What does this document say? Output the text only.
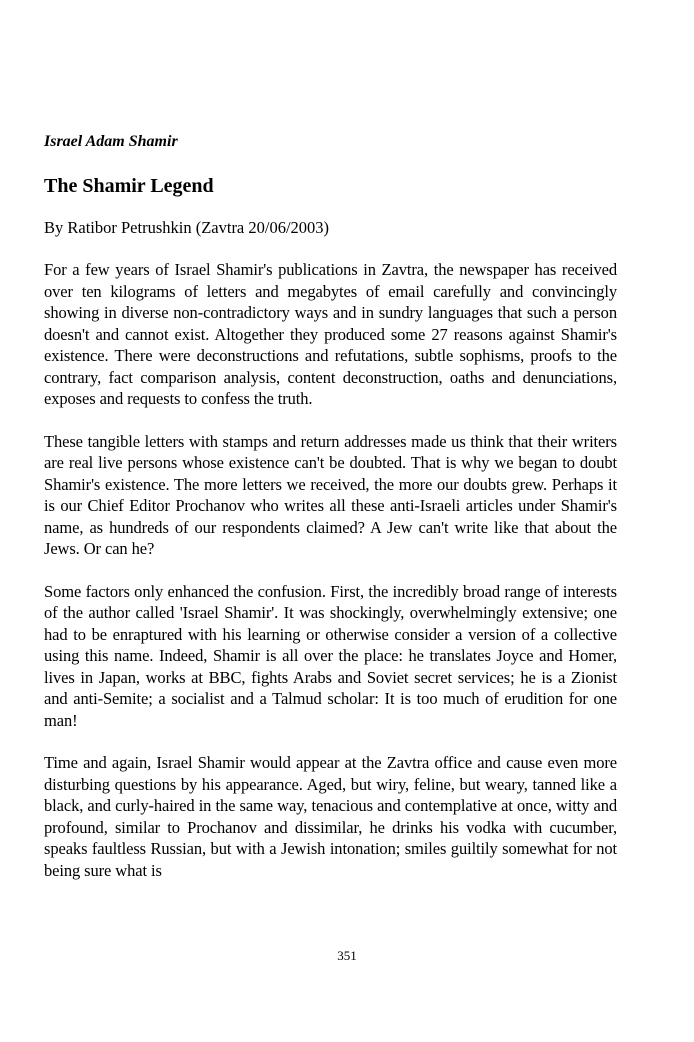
Israel Adam Shamir
The Shamir Legend
By Ratibor Petrushkin (Zavtra 20/06/2003)

For a few years of Israel Shamir's publications in Zavtra, the newspaper has received over ten kilograms of letters and megabytes of email carefully and convincingly showing in diverse non-contradictory ways and in sundry languages that such a person doesn't and cannot exist. Altogether they produced some 27 reasons against Shamir's existence. There were deconstructions and refutations, subtle sophisms, proofs to the contrary, fact comparison analysis, content deconstruction, oaths and denunciations, exposes and requests to confess the truth.

These tangible letters with stamps and return addresses made us think that their writers are real live persons whose existence can't be doubted. That is why we began to doubt Shamir's existence. The more letters we received, the more our doubts grew. Perhaps it is our Chief Editor Prochanov who writes all these anti-Israeli articles under Shamir's name, as hundreds of our respondents claimed? A Jew can't write like that about the Jews. Or can he?

Some factors only enhanced the confusion. First, the incredibly broad range of interests of the author called 'Israel Shamir'. It was shockingly, overwhelmingly extensive; one had to be enraptured with his learning or otherwise consider a version of a collective using this name. Indeed, Shamir is all over the place: he translates Joyce and Homer, lives in Japan, works at BBC, fights Arabs and Soviet secret services; he is a Zionist and anti-Semite; a socialist and a Talmud scholar: It is too much of erudition for one man!

Time and again, Israel Shamir would appear at the Zavtra office and cause even more disturbing questions by his appearance. Aged, but wiry, feline, but weary, tanned like a black, and curly-haired in the same way, tenacious and contemplative at once, witty and profound, similar to Prochanov and dissimilar, he drinks his vodka with cucumber, speaks faultless Russian, but with a Jewish intonation; smiles guiltily somewhat for not being sure what is

351
